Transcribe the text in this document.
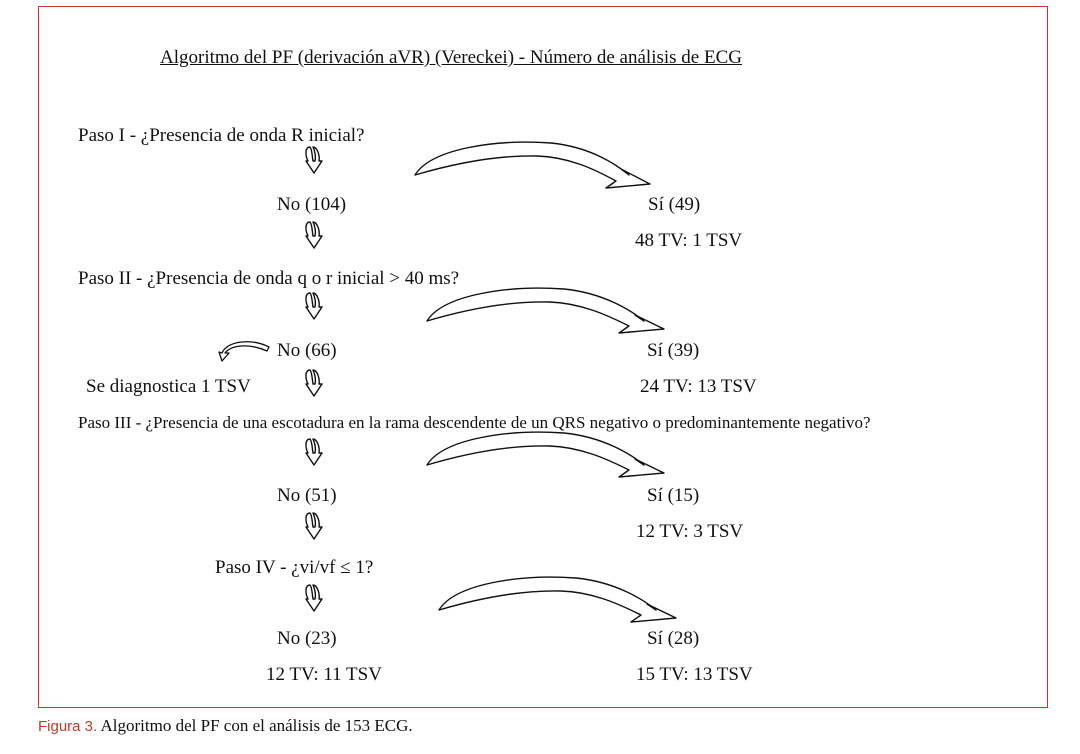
Algoritmo del PF (derivación aVR) (Vereckei) - Número de análisis de ECG
Paso I - ¿Presencia de onda R inicial?
No (104)	Sí (49)
48 TV: 1 TSV
Paso II - ¿Presencia de onda q o r inicial > 40 ms?
No (66)	Sí (39)
Se diagnostica 1 TSV	24 TV: 13 TSV
Paso III - ¿Presencia de una escotadura en la rama descendente de un QRS negativo o predominantemente negativo?
No (51)	Sí (15)
12 TV: 3 TSV
Paso IV - ¿vi/vf ≤ 1?
No (23)	Sí (28)
12 TV: 11 TSV	15 TV: 13 TSV
Figura 3. Algoritmo del PF con el análisis de 153 ECG.
